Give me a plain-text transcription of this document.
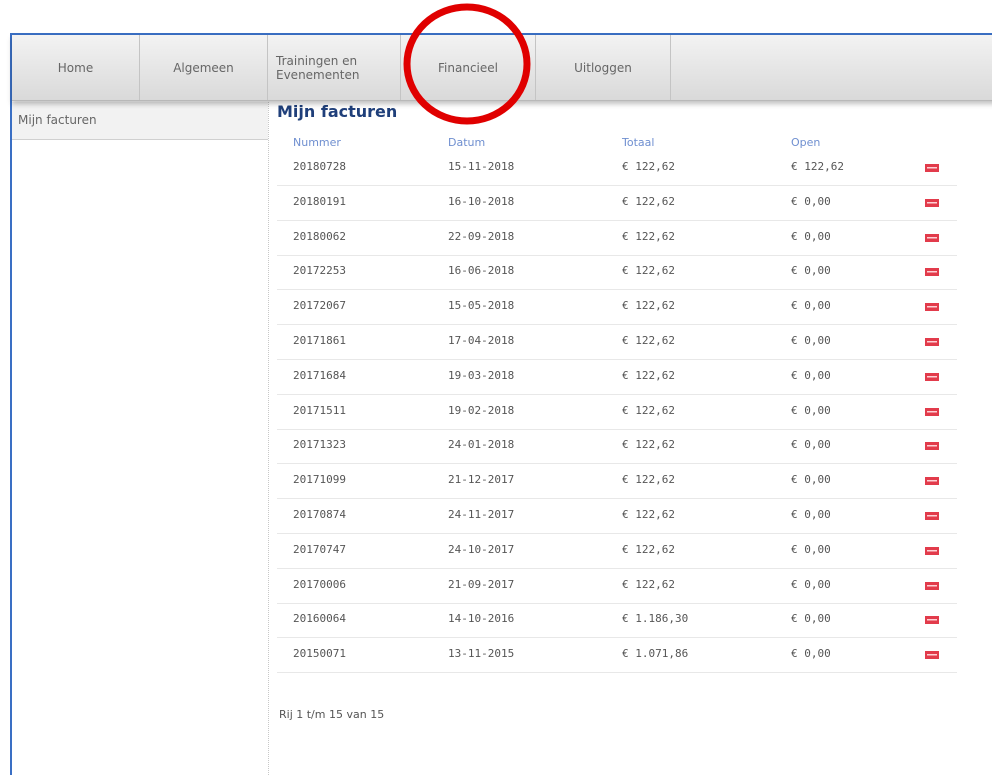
Home	Algemeen	Trainingen en
Evenementen	Financieel	Uitloggen
Mijn facturen	Mijn facturen
Nummer	Datum	Totaal	Open
20180728	15-11-2018	€ 122,62	€ 122,62
20180191	16-10-2018	€ 122,62	€ 0,00
20180062	22-09-2018	€ 122,62	€ 0,00
20172253	16-06-2018	€ 122,62	€ 0,00
20172067	15-05-2018	€ 122,62	€ 0,00
20171861	17-04-2018	€ 122,62	€ 0,00
20171684	19-03-2018	€ 122,62	€ 0,00
20171511	19-02-2018	€ 122,62	€ 0,00
20171323	24-01-2018	€ 122,62	€ 0,00
20171099	21-12-2017	€ 122,62	€ 0,00
20170874	24-11-2017	€ 122,62	€ 0,00
20170747	24-10-2017	€ 122,62	€ 0,00
20170006	21-09-2017	€ 122,62	€ 0,00
20160064	14-10-2016	€ 1.186,30	€ 0,00
20150071	13-11-2015	€ 1.071,86	€ 0,00
Rij 1 t/m 15 van 15
